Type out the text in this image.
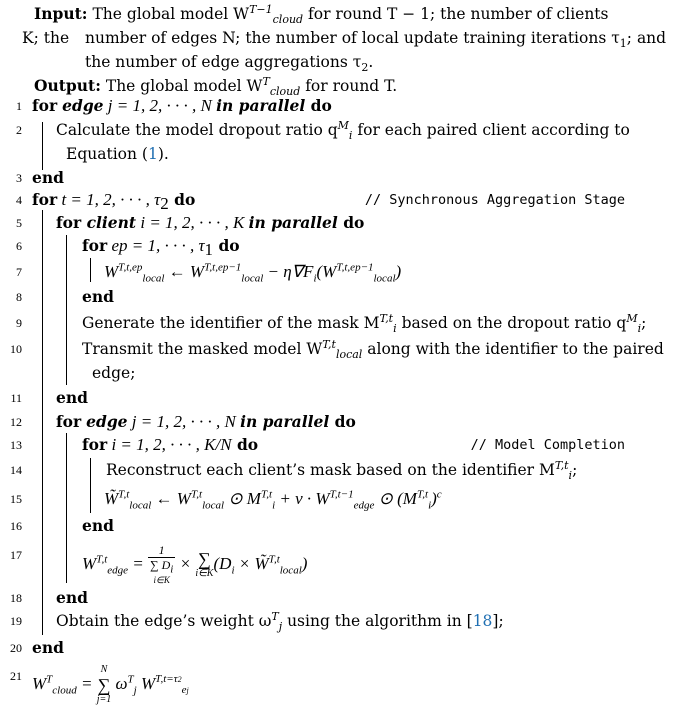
Input: The global model $W^{T-1}_{cloud}$ for round T − 1; the number of clients K; the	number of edges N; the number of local update training iterations $\tau_1$; and
the number of edge aggregations $\tau_2$.
Output: The global model $W^T_{cloud}$ for round T.
1 for edge j = 1, 2, · · · , N in parallel do
2 Calculate the model dropout ratio $q^M_i$ for each paired client according to
Equation (1).
3 end
4 for t = 1, 2, · · · , $\tau_2$ do	// Synchronous Aggregation Stage
5 for client i = 1, 2, · · · , K in parallel do
6	for ep = 1, · · · , $\tau_1$ do
7	$W^{T,t,ep}_{local}$ ← $W^{T,t,ep-1}_{local} - \eta\nabla F_i(W^{T,t,ep-1}_{local})$
8	end
9	Generate the identifier of the mask $M^{T,t}_i$ based on the dropout ratio $q^M_i$;
10	Transmit the masked model $W^{T,t}_{local}$ along with the identifier to the paired
edge;
11 end
12 for edge j = 1, 2, · · · , N in parallel do
13	for i = 1, 2, · · · , K/N do	// Model Completion
14	Reconstruct each client’s mask based on the identifier $M^{T,t}_i$;
15	W̃$^{T,t}_{local}$ ← $W^{T,t}_{local}$ ⊙ $M^{T,t}_i + \nu \cdot W^{T,t-1}_{edge}$ ⊙ $(M^{T,t}_i)^c$
16	end
17	$W^{T,t}_{edge}$ =
1
∑ $D_i$
i∈K
× ∑
i∈K
($D_i$ × W̃$^{T,t}_{local}$)
18 end
19 Obtain the edge’s weight $\omega^T_j$ using the algorithm in [18];
20 end
21 $W^T_{cloud}$ =
N
∑
j=1
$\omega^T_j$ $W^{T,t=\tau 2}_{ej}$
